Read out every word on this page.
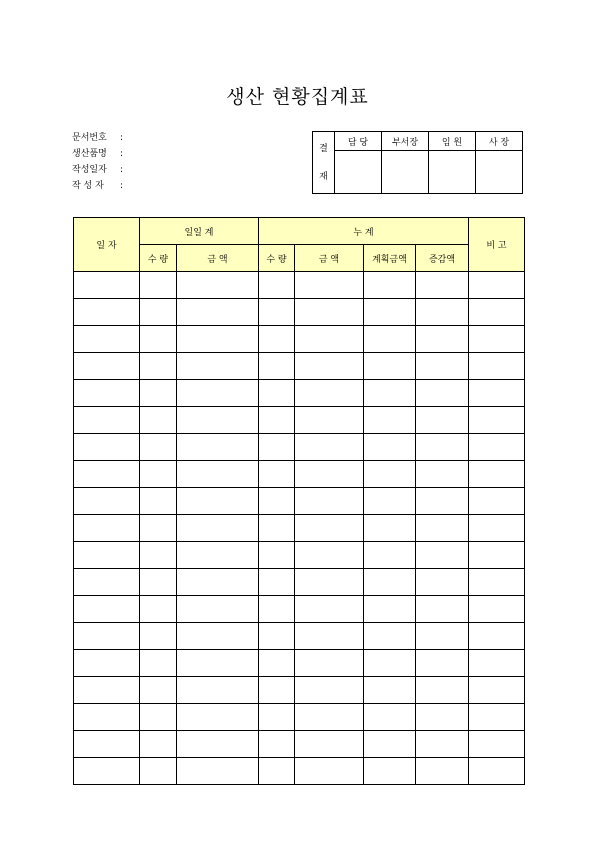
생산 현황집계표
문서번호	:
생산품명	:
작성일자	:
작 성 자	:
결
재	담 당	부서장	임 원	사 장

일 자	일일 계		누 계				비 고
	수 량	금 액	수 량	금 액	계획금액	증감액	
